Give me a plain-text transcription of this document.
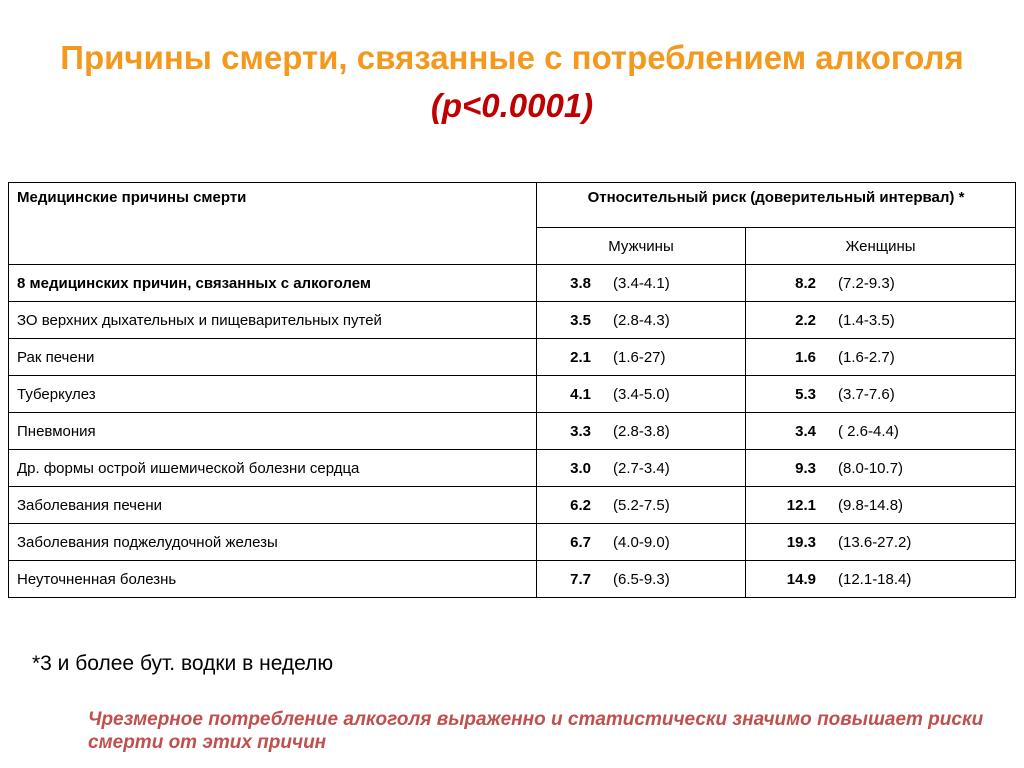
Причины смерти, связанные с потреблением алкоголя (p<0.0001)
Медицинские причины смерти	Относительный риск (доверительный интервал) *	
	Мужчины	Женщины
8 медицинских причин, связанных с алкоголем	3.8 (3.4-4.1)	8.2 (7.2-9.3)
ЗО верхних дыхательных и пищеварительных путей	3.5 (2.8-4.3)	2.2 (1.4-3.5)
Рак печени	2.1 (1.6-27)	1.6 (1.6-2.7)
Туберкулез	4.1 (3.4-5.0)	5.3 (3.7-7.6)
Пневмония	3.3 (2.8-3.8)	3.4 ( 2.6-4.4)
Др. формы острой ишемической болезни сердца	3.0 (2.7-3.4)	9.3 (8.0-10.7)
Заболевания печени	6.2 (5.2-7.5)	12.1 (9.8-14.8)
Заболевания поджелудочной железы	6.7 (4.0-9.0)	19.3 (13.6-27.2)
Неуточненная болезнь	7.7 (6.5-9.3)	14.9 (12.1-18.4)
*3 и более бут. водки в неделю
Чрезмерное потребление алкоголя выраженно и статистически значимо повышает риски смерти от этих причин
